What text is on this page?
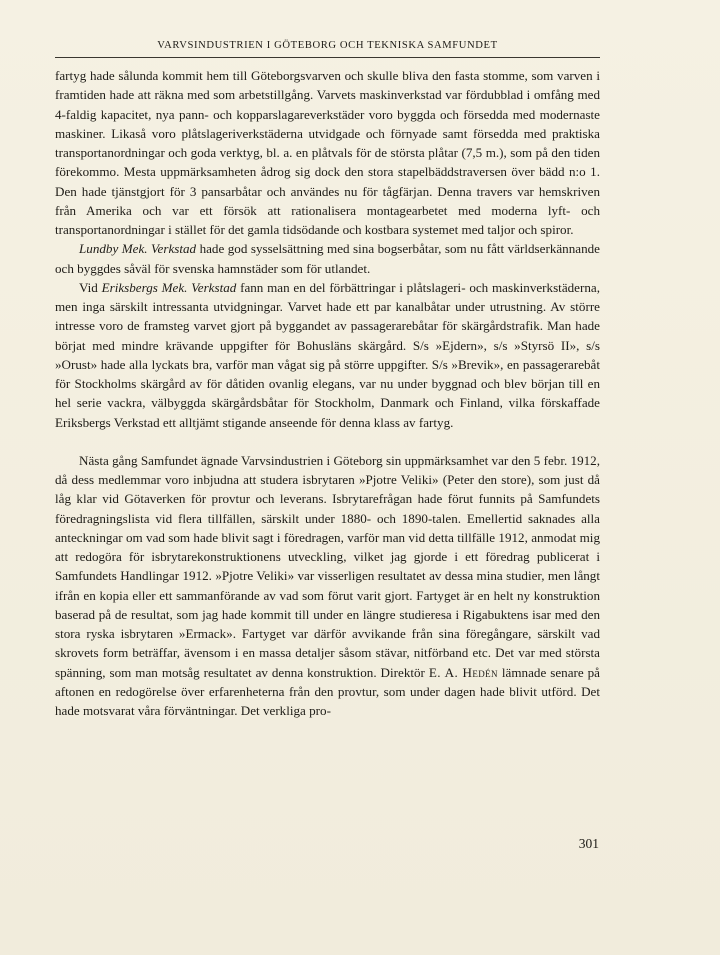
VARVSINDUSTRIEN I GÖTEBORG OCH TEKNISKA SAMFUNDET

fartyg hade sålunda kommit hem till Göteborgsvarven och skulle bliva den fasta stomme, som varven i framtiden hade att räkna med som arbetstillgång. Varvets maskinverkstad var fördubblad i omfång med 4-faldig kapacitet, nya pann- och kopparslagareverkstäder voro byggda och försedda med modernaste maskiner. Likaså voro plåtslageriverkstäderna utvidgade och förnyade samt försedda med praktiska transportanordningar och goda verktyg, bl. a. en plåtvals för de största plåtar (7,5 m.), som på den tiden förekommo. Mesta uppmärksamheten ådrog sig dock den stora stapelbäddstraversen över bädd n:o 1. Den hade tjänstgjort för 3 pansarbåtar och användes nu för tågfärjan. Denna travers var hemskriven från Amerika och var ett försök att rationalisera montagearbetet med moderna lyft- och transportanordningar i stället för det gamla tidsödande och kostbara systemet med taljor och spiror.

Lundby Mek. Verkstad hade god sysselsättning med sina bogserbåtar, som nu fått världserkännande och byggdes såväl för svenska hamnstäder som för utlandet.

Vid Eriksbergs Mek. Verkstad fann man en del förbättringar i plåtslageri- och maskinverkstäderna, men inga särskilt intressanta utvidgningar. Varvet hade ett par kanalbåtar under utrustning. Av större intresse voro de framsteg varvet gjort på byggandet av passagerarebåtar för skärgårdstrafik. Man hade börjat med mindre krävande uppgifter för Bohusläns skärgård. S/s »Ejdern», s/s »Styrsö II», s/s »Orust» hade alla lyckats bra, varför man vågat sig på större uppgifter. S/s »Brevik», en passagerarebåt för Stockholms skärgård av för dåtiden ovanlig elegans, var nu under byggnad och blev början till en hel serie vackra, välbyggda skärgårdsbåtar för Stockholm, Danmark och Finland, vilka förskaffade Eriksbergs Verkstad ett alltjämt stigande anseende för denna klass av fartyg.

Nästa gång Samfundet ägnade Varvsindustrien i Göteborg sin uppmärksamhet var den 5 febr. 1912, då dess medlemmar voro inbjudna att studera isbrytaren »Pjotre Veliki» (Peter den store), som just då låg klar vid Götaverken för provtur och leverans. Isbrytarefrågan hade förut funnits på Samfundets föredragningslista vid flera tillfällen, särskilt under 1880- och 1890-talen. Emellertid saknades alla anteckningar om vad som hade blivit sagt i föredragen, varför man vid detta tillfälle 1912, anmodat mig att redogöra för isbrytarekonstruktionens utveckling, vilket jag gjorde i ett föredrag publicerat i Samfundets Handlingar 1912. »Pjotre Veliki» var visserligen resultatet av dessa mina studier, men långt ifrån en kopia eller ett sammanförande av vad som förut varit gjort. Fartyget är en helt ny konstruktion baserad på de resultat, som jag hade kommit till under en längre studieresa i Rigabuktens isar med den stora ryska isbrytaren »Ermack». Fartyget var därför avvikande från sina föregångare, särskilt vad skrovets form beträffar, ävensom i en massa detaljer såsom stävar, nitförband etc. Det var med största spänning, som man motsåg resultatet av denna konstruktion. Direktör E. A. Hedén lämnade senare på aftonen en redogörelse över erfarenheterna från den provtur, som under dagen hade blivit utförd. Det hade motsvarat våra förväntningar. Det verkliga pro-

301
